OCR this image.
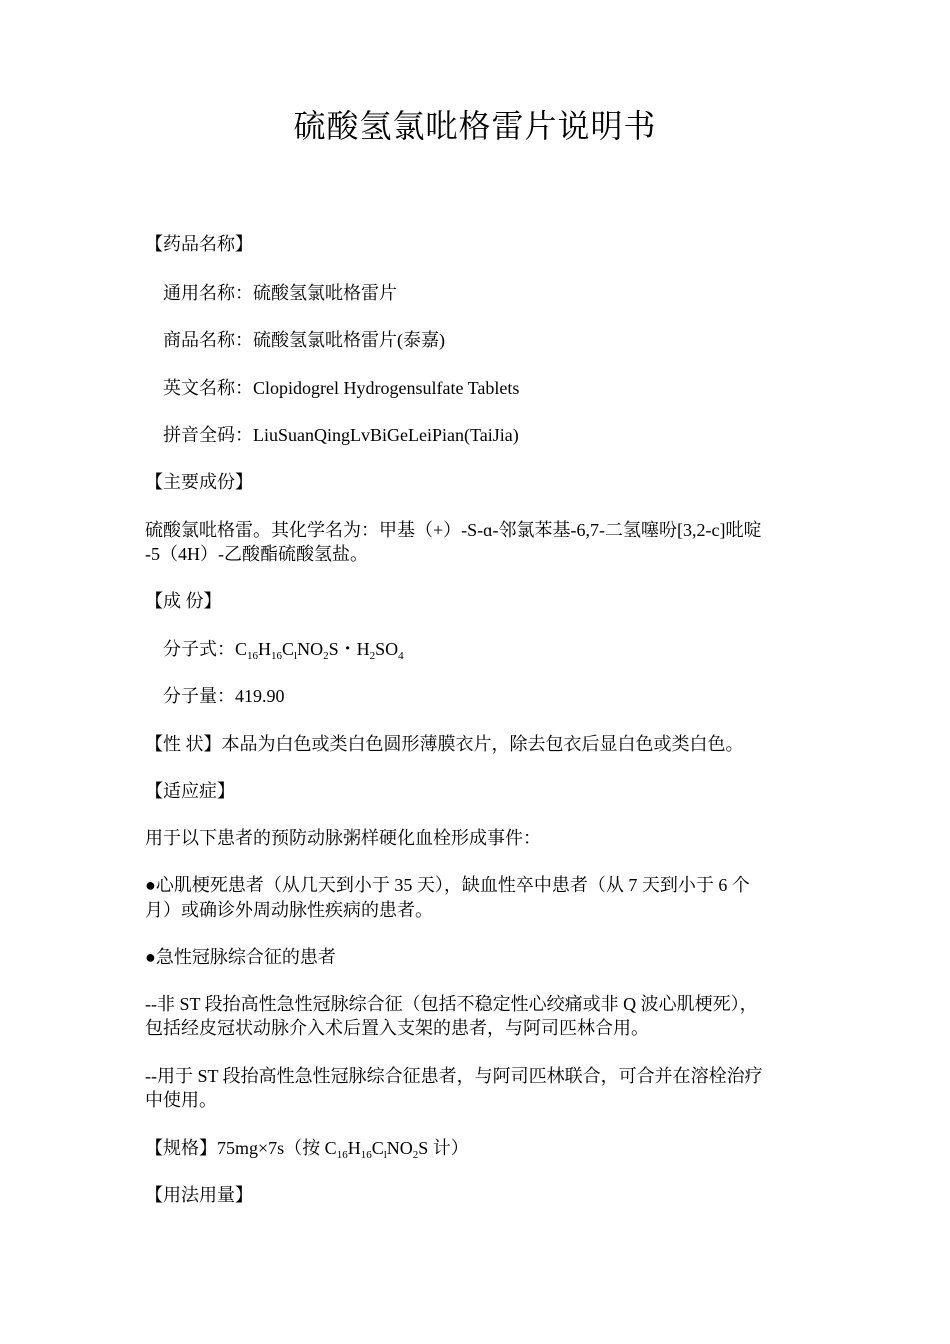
硫酸氢氯吡格雷片说明书
【药品名称】
通用名称：硫酸氢氯吡格雷片
商品名称：硫酸氢氯吡格雷片(泰嘉)
英文名称：Clopidogrel Hydrogensulfate Tablets
拼音全码：LiuSuanQingLvBiGeLeiPian(TaiJia)
【主要成份】
硫酸氯吡格雷。其化学名为：甲基（+）-S-ɑ-邻氯苯基-6,7-二氢噻吩[3,2-c]吡啶
-5（4H）-乙酸酯硫酸氢盐。
【成 份】
分子式：$C_{16}H_{16}C_lNO_2S$・$H_2SO_4$
分子量：419.90
【性 状】本品为白色或类白色圆形薄膜衣片，除去包衣后显白色或类白色。
【适应症】
用于以下患者的预防动脉粥样硬化血栓形成事件：
●心肌梗死患者（从几天到小于 35 天），缺血性卒中患者（从 7 天到小于 6 个
月）或确诊外周动脉性疾病的患者。
●急性冠脉综合征的患者
--非 ST 段抬高性急性冠脉综合征（包括不稳定性心绞痛或非 Q 波心肌梗死），
包括经皮冠状动脉介入术后置入支架的患者，与阿司匹林合用。
--用于 ST 段抬高性急性冠脉综合征患者，与阿司匹林联合，可合并在溶栓治疗
中使用。
【规格】75mg×7s（按 $C_{16}H_{16}C_lNO_2S$ 计）
【用法用量】
